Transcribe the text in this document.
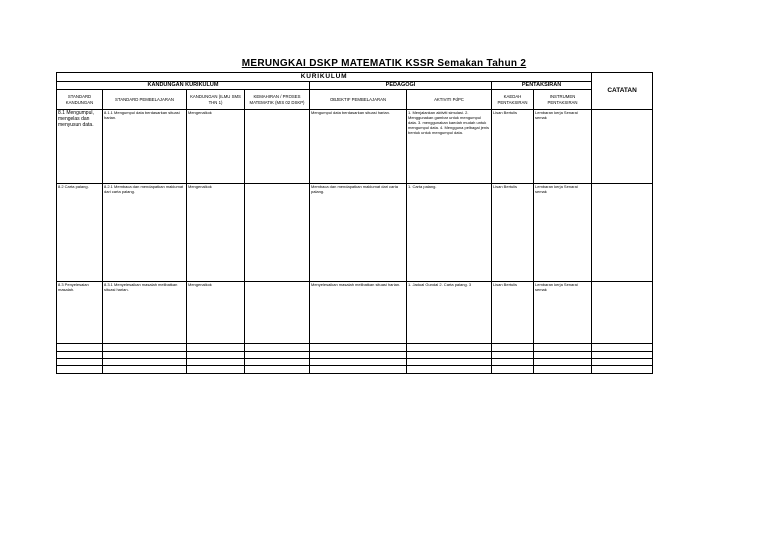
MERUNGKAI DSKP MATEMATIK KSSR Semakan Tahun 2
KURIKULUM								CATATAN
KANDUNGAN KURIKULUM				PEDAGOGI		PENTAKSIRAN		
STANDARD KANDUNGAN	STANDARD PEMBELAJARAN	KANDUNGAN (ILMU SMS THN 1)	KEMAHIRAN / PROSES MATEMATIK (MIS 02 DSKP)	OBJEKTIF PEMBELAJARAN	AKTIVITI PdPC	KAEDAH PENTAKSIRAN	INSTRUMEN PENTAKSIRAN	
8.1 Mengumpul, mengelas dan menyusun data.	8.1.1 Mengumpul data berdasarkan situasi harian.	Mengenalkok		Mengumpul data berdasarkan situasi harian.	1. Menjalankan aktiviti simulasi. 2. Menggunakan gambar untuk mengumpul data. 3. menggunakan kaedah mudah untuk mengumpul data. 4. Mengguna pelbagai jenis bentuk untuk mengumpul data.	Lisan Bertulis	Lembaran kerja Senarai semak	
8.2 Carta palang.	8.2.1 Membaca dan mendapatkan maklumat dari carta palang.	Mengenalkok		Membaca dan mendapatkan maklumat dari carta palang.	1. Carta palang.	Lisan Bertulis	Lembaran kerja Senarai semak	
8.3 Penyelesaian masalah.	8.3.1 Menyelesaikan masalah melibatkan situasi harian.	Mengenalkok		Menyelesaikan masalah melibatkan situasi harian.	1. Jadual Gundal 2. Carta palang. 3	Lisan Bertulis	Lembaran kerja Senarai semak	
